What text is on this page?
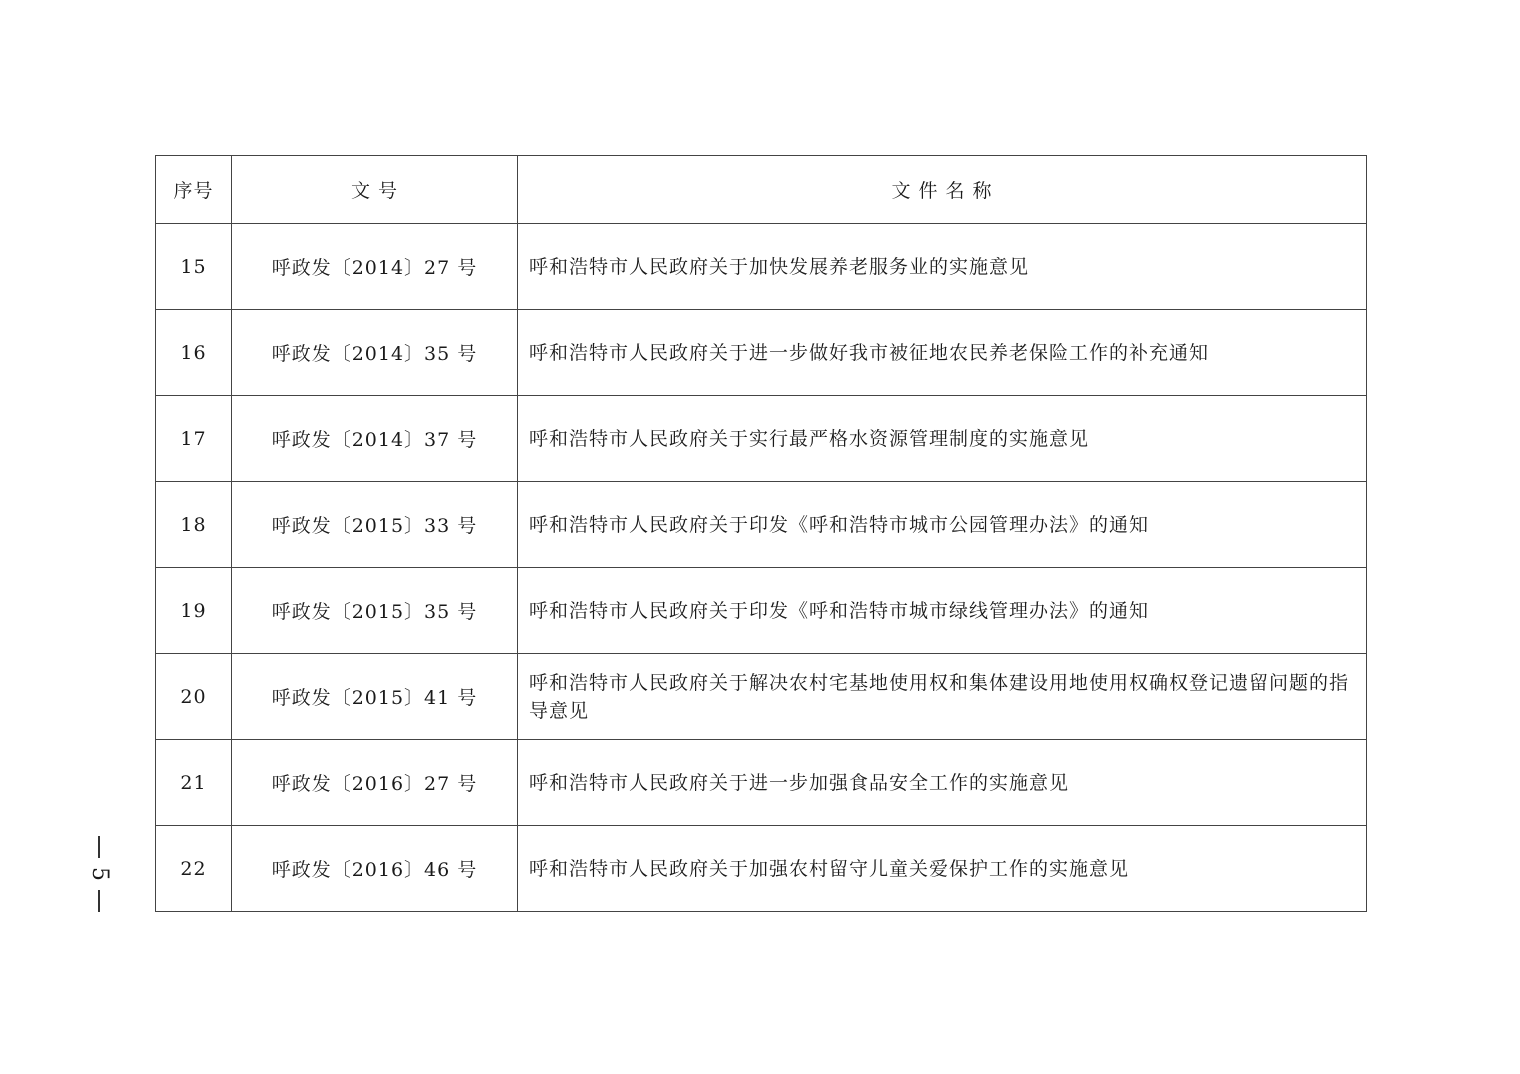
序号	文 号	文 件 名 称
15	呼政发〔2014〕27 号	呼和浩特市人民政府关于加快发展养老服务业的实施意见
16	呼政发〔2014〕35 号	呼和浩特市人民政府关于进一步做好我市被征地农民养老保险工作的补充通知
17	呼政发〔2014〕37 号	呼和浩特市人民政府关于实行最严格水资源管理制度的实施意见
18	呼政发〔2015〕33 号	呼和浩特市人民政府关于印发《呼和浩特市城市公园管理办法》的通知
19	呼政发〔2015〕35 号	呼和浩特市人民政府关于印发《呼和浩特市城市绿线管理办法》的通知
20	呼政发〔2015〕41 号	呼和浩特市人民政府关于解决农村宅基地使用权和集体建设用地使用权确权登记遗留问题的指导意见
21	呼政发〔2016〕27 号	呼和浩特市人民政府关于进一步加强食品安全工作的实施意见
22	呼政发〔2016〕46 号	呼和浩特市人民政府关于加强农村留守儿童关爱保护工作的实施意见
5
